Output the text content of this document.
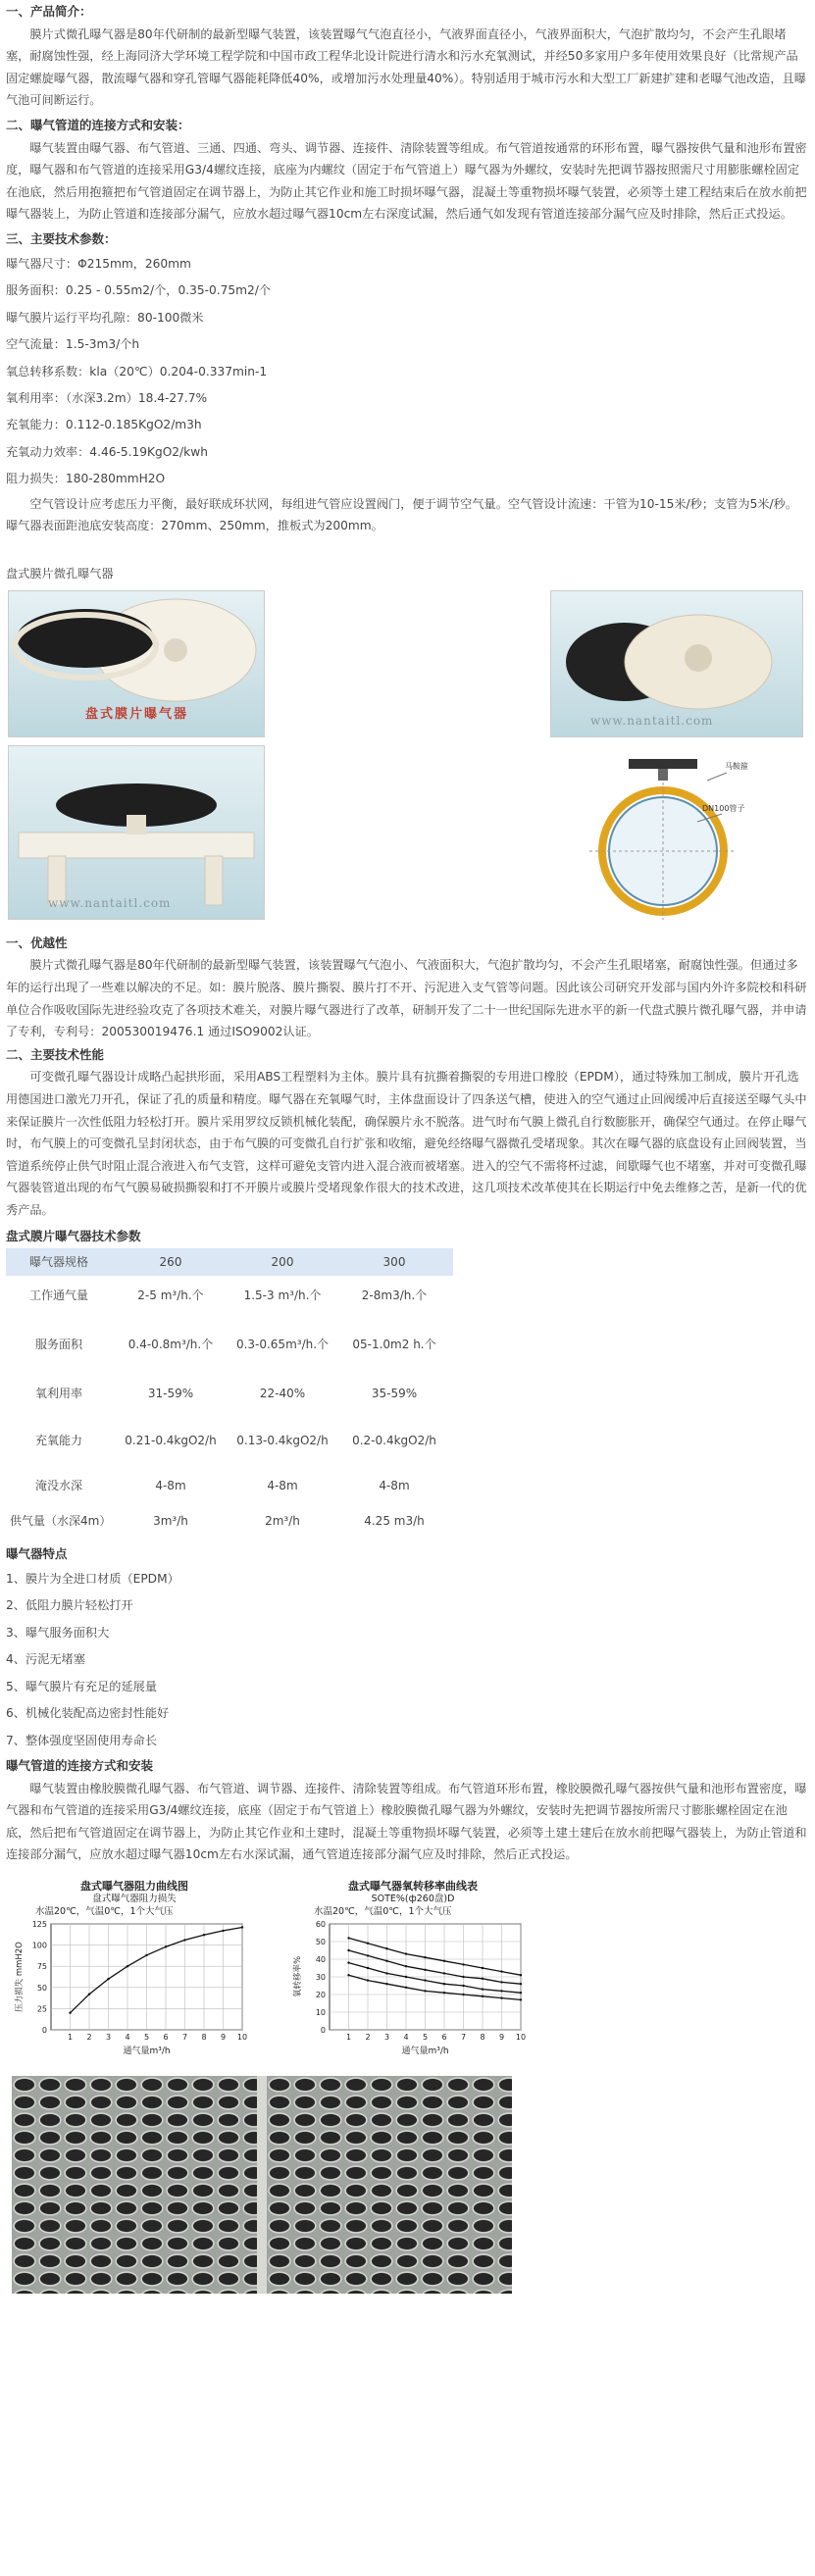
一、产品简介：

膜片式微孔曝气器是80年代研制的最新型曝气装置，该装置曝气气泡直径小，气液界面直径小，气液界面积大，气泡扩散均匀，不会产生孔眼堵塞，耐腐蚀性强，经上海同济大学环境工程学院和中国市政工程华北设计院进行清水和污水充氧测试，并经50多家用户多年使用效果良好（比常规产品固定螺旋曝气器，散流曝气器和穿孔管曝气器能耗降低40%，或增加污水处理量40%）。特别适用于城市污水和大型工厂新建扩建和老曝气池改造，且曝气池可间断运行。

二、曝气管道的连接方式和安装：

曝气装置由曝气器、布气管道、三通、四通、弯头、调节器、连接件、清除装置等组成。布气管道按通常的环形布置，曝气器按供气量和池形布置密度，曝气器和布气管道的连接采用G3/4螺纹连接，底座为内螺纹（固定于布气管道上）曝气器为外螺纹，安装时先把调节器按照需尺寸用膨胀螺栓固定在池底，然后用抱箍把布气管道固定在调节器上，为防止其它作业和施工时损坏曝气器，混凝土等重物损坏曝气装置，必须等土建工程结束后在放水前把曝气器装上，为防止管道和连接部分漏气，应放水超过曝气器10cm左右深度试漏，然后通气如发现有管道连接部分漏气应及时排除，然后正式投运。

三、主要技术参数：

曝气器尺寸：Φ215mm，260mm

服务面积：0.25 - 0.55m2/个，0.35-0.75m2/个

曝气膜片运行平均孔隙：80-100微米

空气流量：1.5-3m3/个h

氧总转移系数：kla（20℃）0.204-0.337min-1

氧利用率：（水深3.2m）18.4-27.7%

充氧能力：0.112-0.185KgO2/m3h

充氧动力效率：4.46-5.19KgO2/kwh

阻力损失：180-280mmH2O

空气管设计应考虑压力平衡，最好联成环状网，每组进气管应设置阀门，便于调节空气量。空气管设计流速：干管为10-15米/秒；支管为5米/秒。曝气器表面距池底安装高度：270mm、250mm，推板式为200mm。

盘式膜片微孔曝气器

盘式膜片曝气器	www.nantaitl.com
www.nantaitl.com
马鞍箍
DN100管子
一、优越性

膜片式微孔曝气器是80年代研制的最新型曝气装置，该装置曝气气泡小、气液面积大，气泡扩散均匀，不会产生孔眼堵塞，耐腐蚀性强。但通过多年的运行出现了一些难以解决的不足。如：膜片脱落、膜片撕裂、膜片打不开、污泥进入支气管等问题。因此该公司研究开发部与国内外许多院校和科研单位合作吸收国际先进经验攻克了各项技术难关，对膜片曝气器进行了改革，研制开发了二十一世纪国际先进水平的新一代盘式膜片微孔曝气器，并申请了专利，专利号：200530019476.1 通过ISO9002认证。

二、主要技术性能

可变微孔曝气器设计成略凸起拱形面，采用ABS工程塑料为主体。膜片具有抗撕着撕裂的专用进口橡胶（EPDM），通过特殊加工制成，膜片开孔选用德国进口激光刀开孔，保证了孔的质量和精度。曝气器在充氧曝气时，主体盘面设计了四条送气槽，使进入的空气通过止回阀缓冲后直接送至曝气头中来保证膜片一次性低阻力轻松打开。膜片采用罗纹反锁机械化装配，确保膜片永不脱落。进气时布气膜上微孔自行数膨胀开，确保空气通过。在停止曝气时，布气膜上的可变微孔呈封闭状态，由于布气膜的可变微孔自行扩张和收缩，避免经络曝气器微孔受堵现象。其次在曝气器的底盘设有止回阀装置，当管道系统停止供气时阻止混合液进入布气支管，这样可避免支管内进入混合液而被堵塞。进入的空气不需将杯过滤，间歇曝气也不堵塞，并对可变微孔曝气器装管道出现的布气气膜易破损撕裂和打不开膜片或膜片受堵现象作很大的技术改进，这几项技术改革使其在长期运行中免去维修之苦，是新一代的优秀产品。

盘式膜片曝气器技术参数
曝气器规格	260	200	300
工作通气量	2-5 m³/h.个	1.5-3 m³/h.个	2-8m3/h.个
服务面积	0.4-0.8m³/h.个	0.3-0.65m³/h.个	05-1.0m2 h.个
氧利用率	31-59%	22-40%	35-59%
充氧能力	0.21-0.4kgO2/h	0.13-0.4kgO2/h	0.2-0.4kgO2/h
淹没水深	4-8m	4-8m	4-8m
供气量（水深4m）	3m³/h	2m³/h	4.25 m3/h
曝气器特点

1、膜片为全进口材质（EPDM）

2、低阻力膜片轻松打开

3、曝气服务面积大

4、污泥无堵塞

5、曝气膜片有充足的延展量

6、机械化装配高边密封性能好

7、整体强度坚固使用寿命长

曝气管道的连接方式和安装

曝气装置由橡胶膜微孔曝气器、布气管道、调节器、连接件、清除装置等组成。布气管道环形布置，橡胶膜微孔曝气器按供气量和池形布置密度，曝气器和布气管道的连接采用G3/4螺纹连接，底座（固定于布气管道上）橡胶膜微孔曝气器为外螺纹，安装时先把调节器按所需尺寸膨胀螺栓固定在池底，然后把布气管道固定在调节器上，为防止其它作业和土建时，混凝土等重物损坏曝气装置，必须等土建土建后在放水前把曝气器装上，为防止管道和连接部分漏气，应放水超过曝气器10cm左右水深试漏，通气管道连接部分漏气应及时排除，然后正式投运。

盘式曝气器阻力曲线图
盘式曝气器阻力损失
水温20℃，气温0℃，1个大气压
1 2 3 4 5 6 7 8 9 10
0
25
50
75
100
125
通气量m³/h
压力损失 mmH2O
盘式曝气器氧转移率曲线表
SOTE%(ф260盘)D
水温20℃，气温0℃，1个大气压
1 2 3 4 5 6 7 8 9 10
0
10
20
30
40
50
60
通气量m³/h
氧转移率%
